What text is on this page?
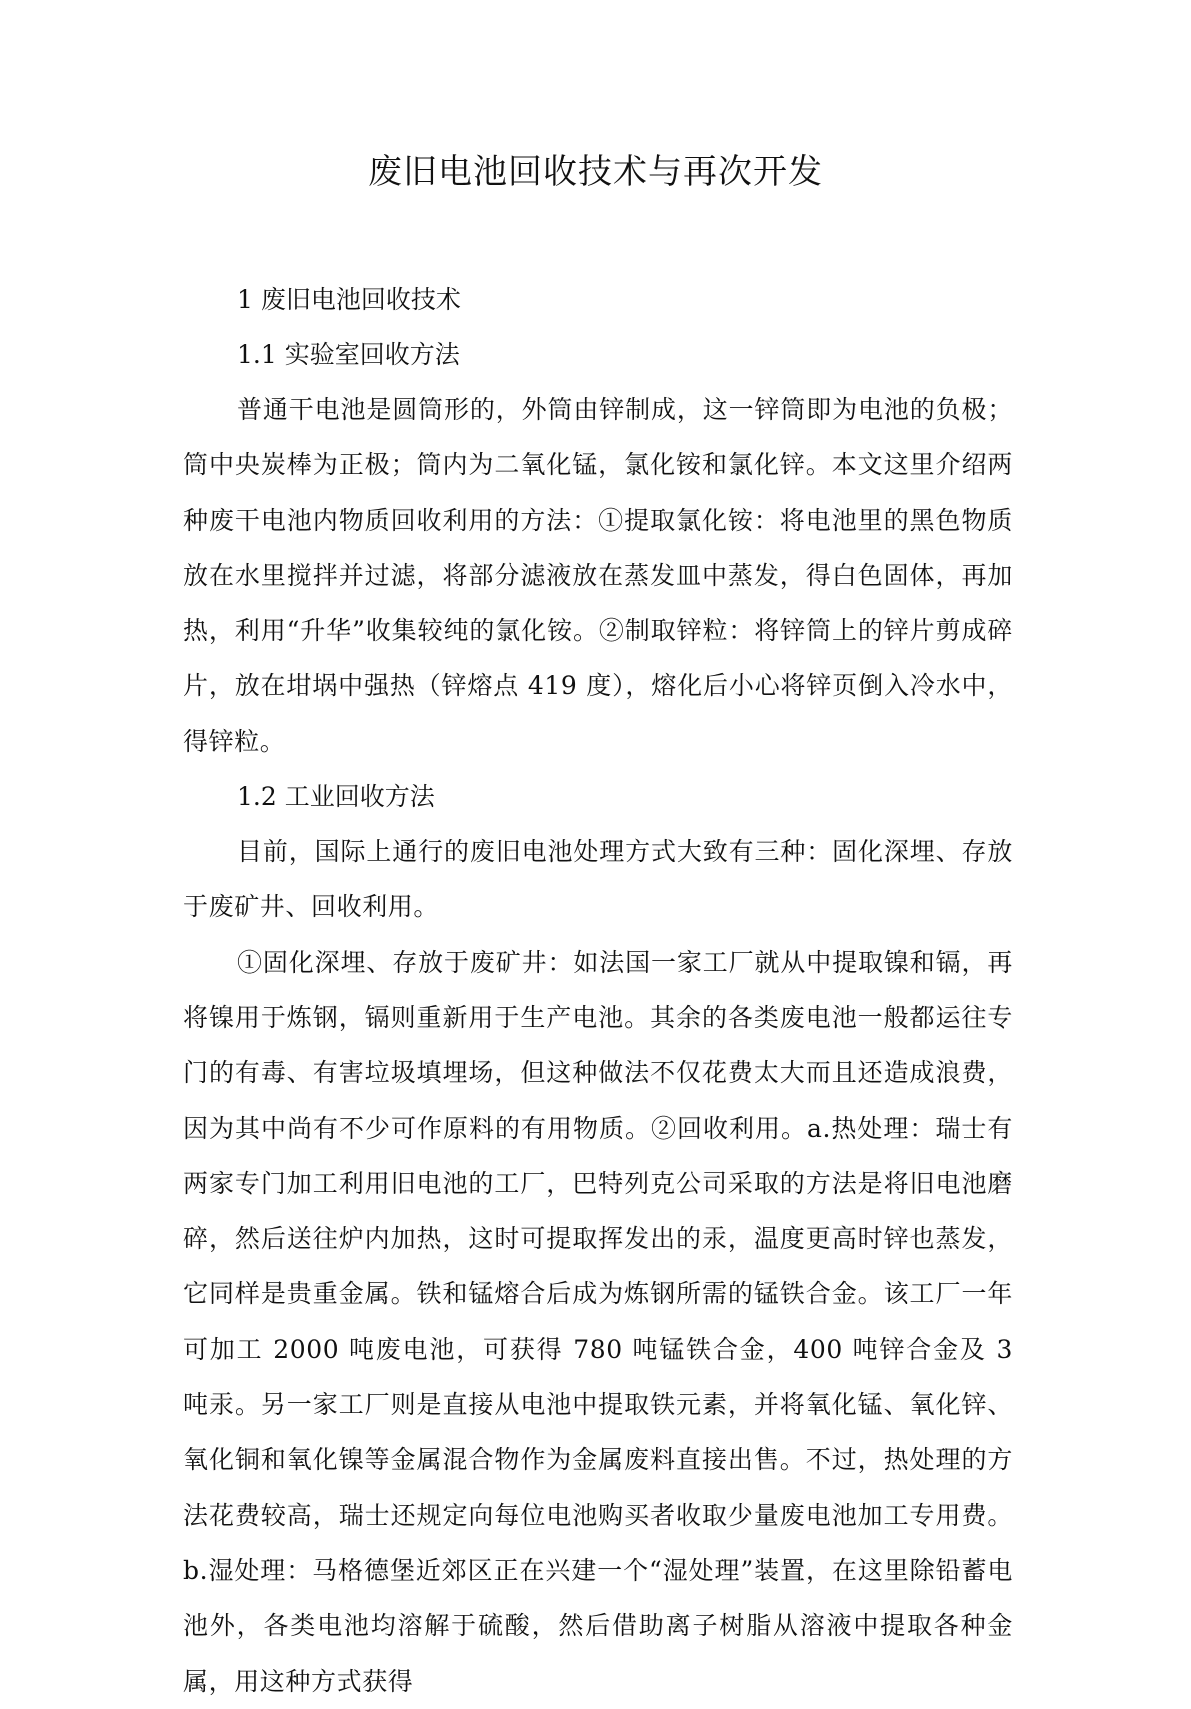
废旧电池回收技术与再次开发

1 废旧电池回收技术

1.1 实验室回收方法

普通干电池是圆筒形的，外筒由锌制成，这一锌筒即为电池的负极；筒中央炭棒为正极；筒内为二氧化锰，氯化铵和氯化锌。本文这里介绍两种废干电池内物质回收利用的方法：①提取氯化铵：将电池里的黑色物质放在水里搅拌并过滤，将部分滤液放在蒸发皿中蒸发，得白色固体，再加热，利用“升华”收集较纯的氯化铵。②制取锌粒：将锌筒上的锌片剪成碎片，放在坩埚中强热（锌熔点 419 度），熔化后小心将锌页倒入冷水中，得锌粒。

1.2 工业回收方法

目前，国际上通行的废旧电池处理方式大致有三种：固化深埋、存放于废矿井、回收利用。

①固化深埋、存放于废矿井：如法国一家工厂就从中提取镍和镉，再将镍用于炼钢，镉则重新用于生产电池。其余的各类废电池一般都运往专门的有毒、有害垃圾填埋场，但这种做法不仅花费太大而且还造成浪费，因为其中尚有不少可作原料的有用物质。②回收利用。a.热处理：瑞士有两家专门加工利用旧电池的工厂，巴特列克公司采取的方法是将旧电池磨碎，然后送往炉内加热，这时可提取挥发出的汞，温度更高时锌也蒸发，它同样是贵重金属。铁和锰熔合后成为炼钢所需的锰铁合金。该工厂一年可加工 2000 吨废电池，可获得 780 吨锰铁合金，400 吨锌合金及 3 吨汞。另一家工厂则是直接从电池中提取铁元素，并将氧化锰、氧化锌、氧化铜和氧化镍等金属混合物作为金属废料直接出售。不过，热处理的方法花费较高，瑞士还规定向每位电池购买者收取少量废电池加工专用费。b.湿处理：马格德堡近郊区正在兴建一个“湿处理”装置，在这里除铅蓄电池外，各类电池均溶解于硫酸，然后借助离子树脂从溶液中提取各种金属，用这种方式获得
